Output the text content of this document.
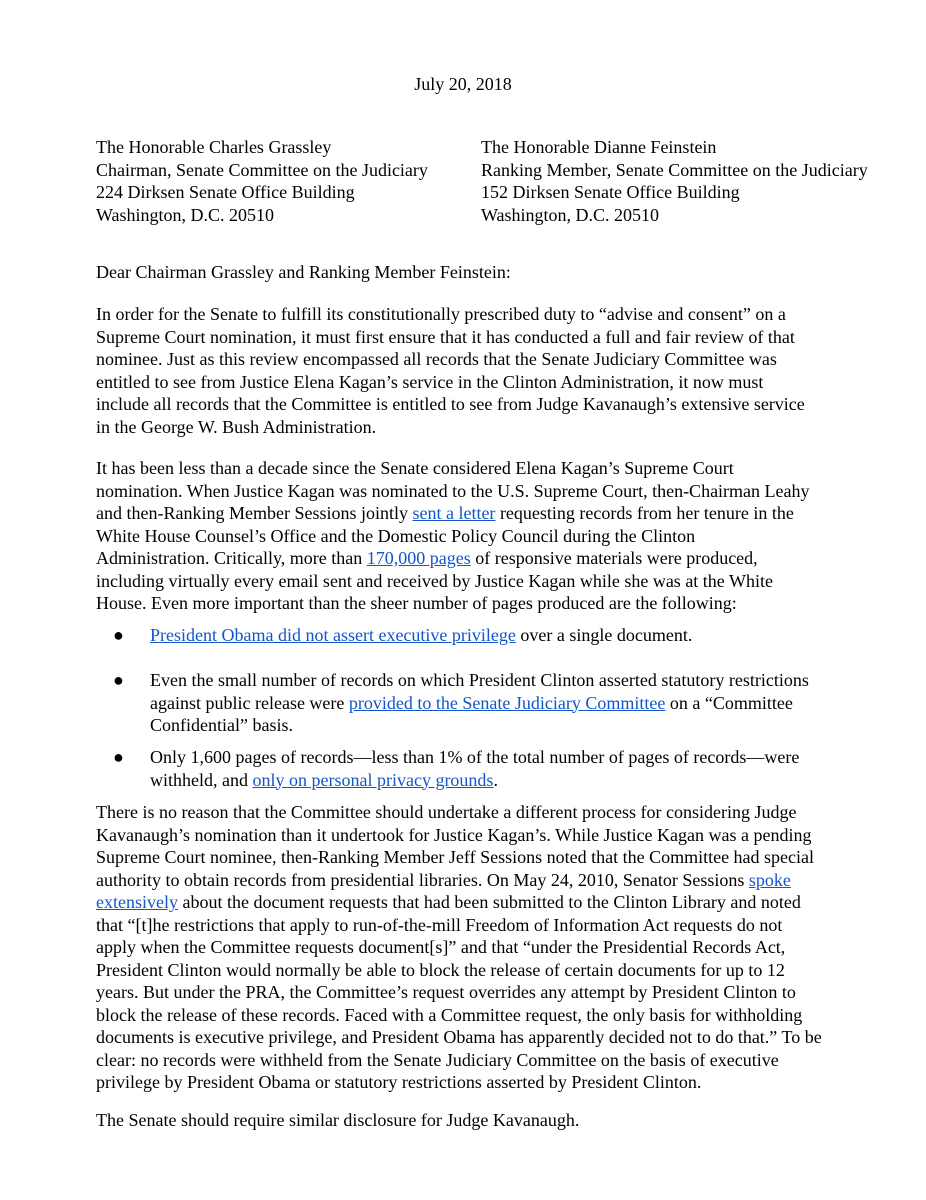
July 20, 2018
The Honorable Charles Grassley
Chairman, Senate Committee on the Judiciary
224 Dirksen Senate Office Building
Washington, D.C. 20510
The Honorable Dianne Feinstein
Ranking Member, Senate Committee on the Judiciary
152 Dirksen Senate Office Building
Washington, D.C. 20510
Dear Chairman Grassley and Ranking Member Feinstein:
In order for the Senate to fulfill its constitutionally prescribed duty to “advise and consent” on a
Supreme Court nomination, it must first ensure that it has conducted a full and fair review of that
nominee. Just as this review encompassed all records that the Senate Judiciary Committee was
entitled to see from Justice Elena Kagan’s service in the Clinton Administration, it now must
include all records that the Committee is entitled to see from Judge Kavanaugh’s extensive service
in the George W. Bush Administration.
It has been less than a decade since the Senate considered Elena Kagan’s Supreme Court
nomination. When Justice Kagan was nominated to the U.S. Supreme Court, then-Chairman Leahy
and then-Ranking Member Sessions jointly sent a letter requesting records from her tenure in the
White House Counsel’s Office and the Domestic Policy Council during the Clinton
Administration. Critically, more than 170,000 pages of responsive materials were produced,
including virtually every email sent and received by Justice Kagan while she was at the White
House. Even more important than the sheer number of pages produced are the following:
● President Obama did not assert executive privilege over a single document.
● Even the small number of records on which President Clinton asserted statutory restrictions
against public release were provided to the Senate Judiciary Committee on a “Committee
Confidential” basis.
● Only 1,600 pages of records—less than 1% of the total number of pages of records—were
withheld, and only on personal privacy grounds.
There is no reason that the Committee should undertake a different process for considering Judge
Kavanaugh’s nomination than it undertook for Justice Kagan’s. While Justice Kagan was a pending
Supreme Court nominee, then-Ranking Member Jeff Sessions noted that the Committee had special
authority to obtain records from presidential libraries. On May 24, 2010, Senator Sessions spoke
extensively about the document requests that had been submitted to the Clinton Library and noted
that “[t]he restrictions that apply to run-of-the-mill Freedom of Information Act requests do not
apply when the Committee requests document[s]” and that “under the Presidential Records Act,
President Clinton would normally be able to block the release of certain documents for up to 12
years. But under the PRA, the Committee’s request overrides any attempt by President Clinton to
block the release of these records. Faced with a Committee request, the only basis for withholding
documents is executive privilege, and President Obama has apparently decided not to do that.” To be
clear: no records were withheld from the Senate Judiciary Committee on the basis of executive
privilege by President Obama or statutory restrictions asserted by President Clinton.
The Senate should require similar disclosure for Judge Kavanaugh.
